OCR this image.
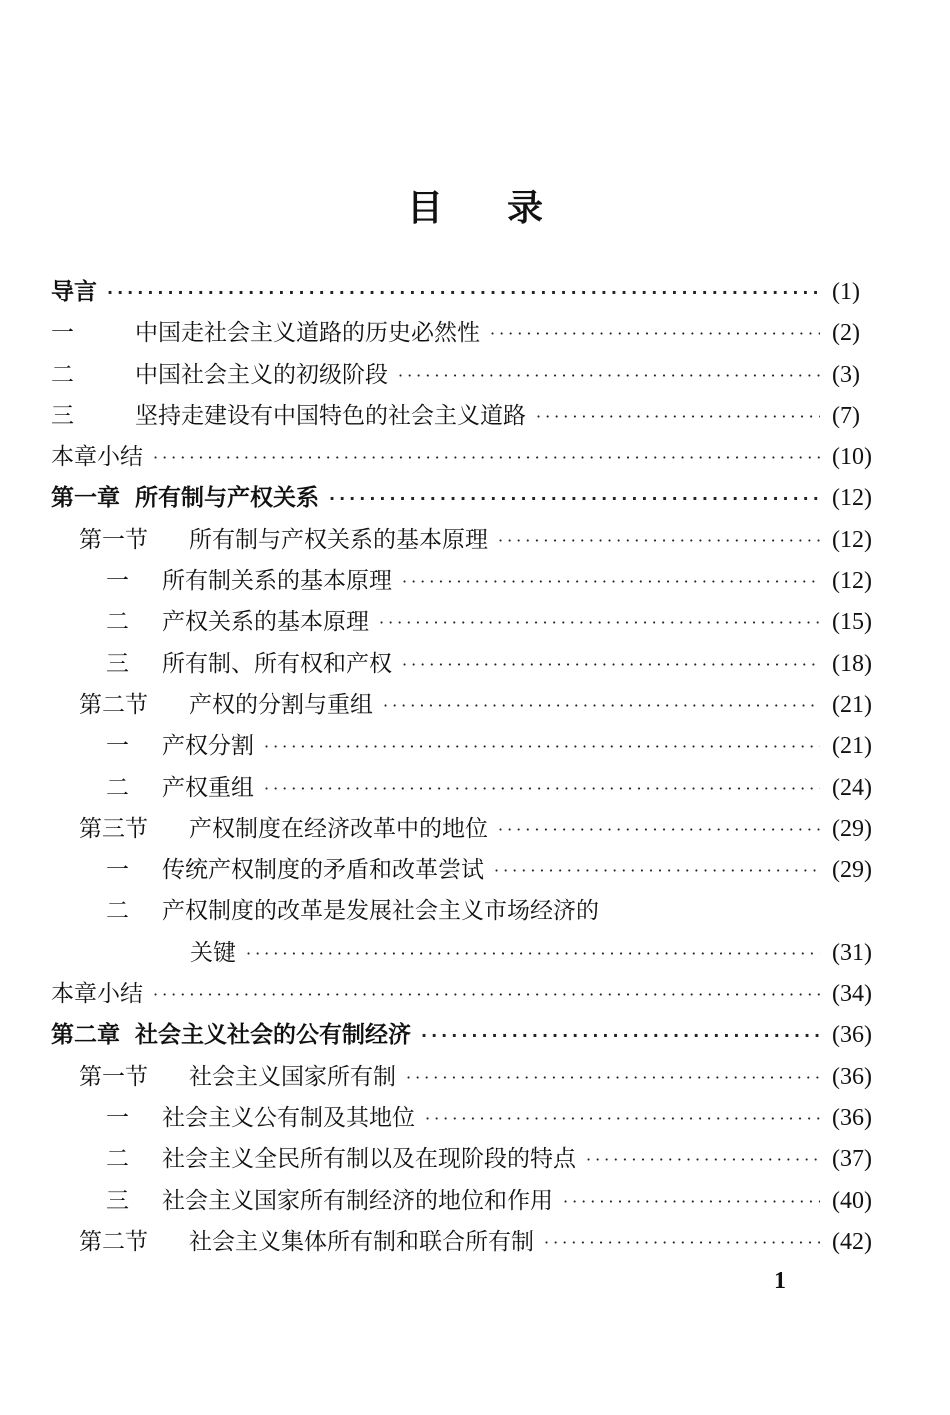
目 录
导言 ·····	(1)
一	中国走社会主义道路的历史必然性 ·····	(2)
二	中国社会主义的初级阶段 ·····	(3)
三	坚持走建设有中国特色的社会主义道路 ·····	(7)
本章小结 ·····	(10)
第一章 所有制与产权关系 ·····	(12)
第一节	所有制与产权关系的基本原理 ·····	(12)
一	所有制关系的基本原理 ·····	(12)
二	产权关系的基本原理 ·····	(15)
三	所有制、所有权和产权 ·····	(18)
第二节	产权的分割与重组 ·····	(21)
一	产权分割 ·····	(21)
二	产权重组 ·····	(24)
第三节	产权制度在经济改革中的地位 ·····	(29)
一	传统产权制度的矛盾和改革尝试 ·····	(29)
二	产权制度的改革是发展社会主义市场经济的
关键 ·····	(31)
本章小结 ·····	(34)
第二章 社会主义社会的公有制经济 ·····	(36)
第一节	社会主义国家所有制 ·····	(36)
一	社会主义公有制及其地位 ·····	(36)
二	社会主义全民所有制以及在现阶段的特点 ·····	(37)
三	社会主义国家所有制经济的地位和作用 ·····	(40)
第二节	社会主义集体所有制和联合所有制 ·····	(42)
1
